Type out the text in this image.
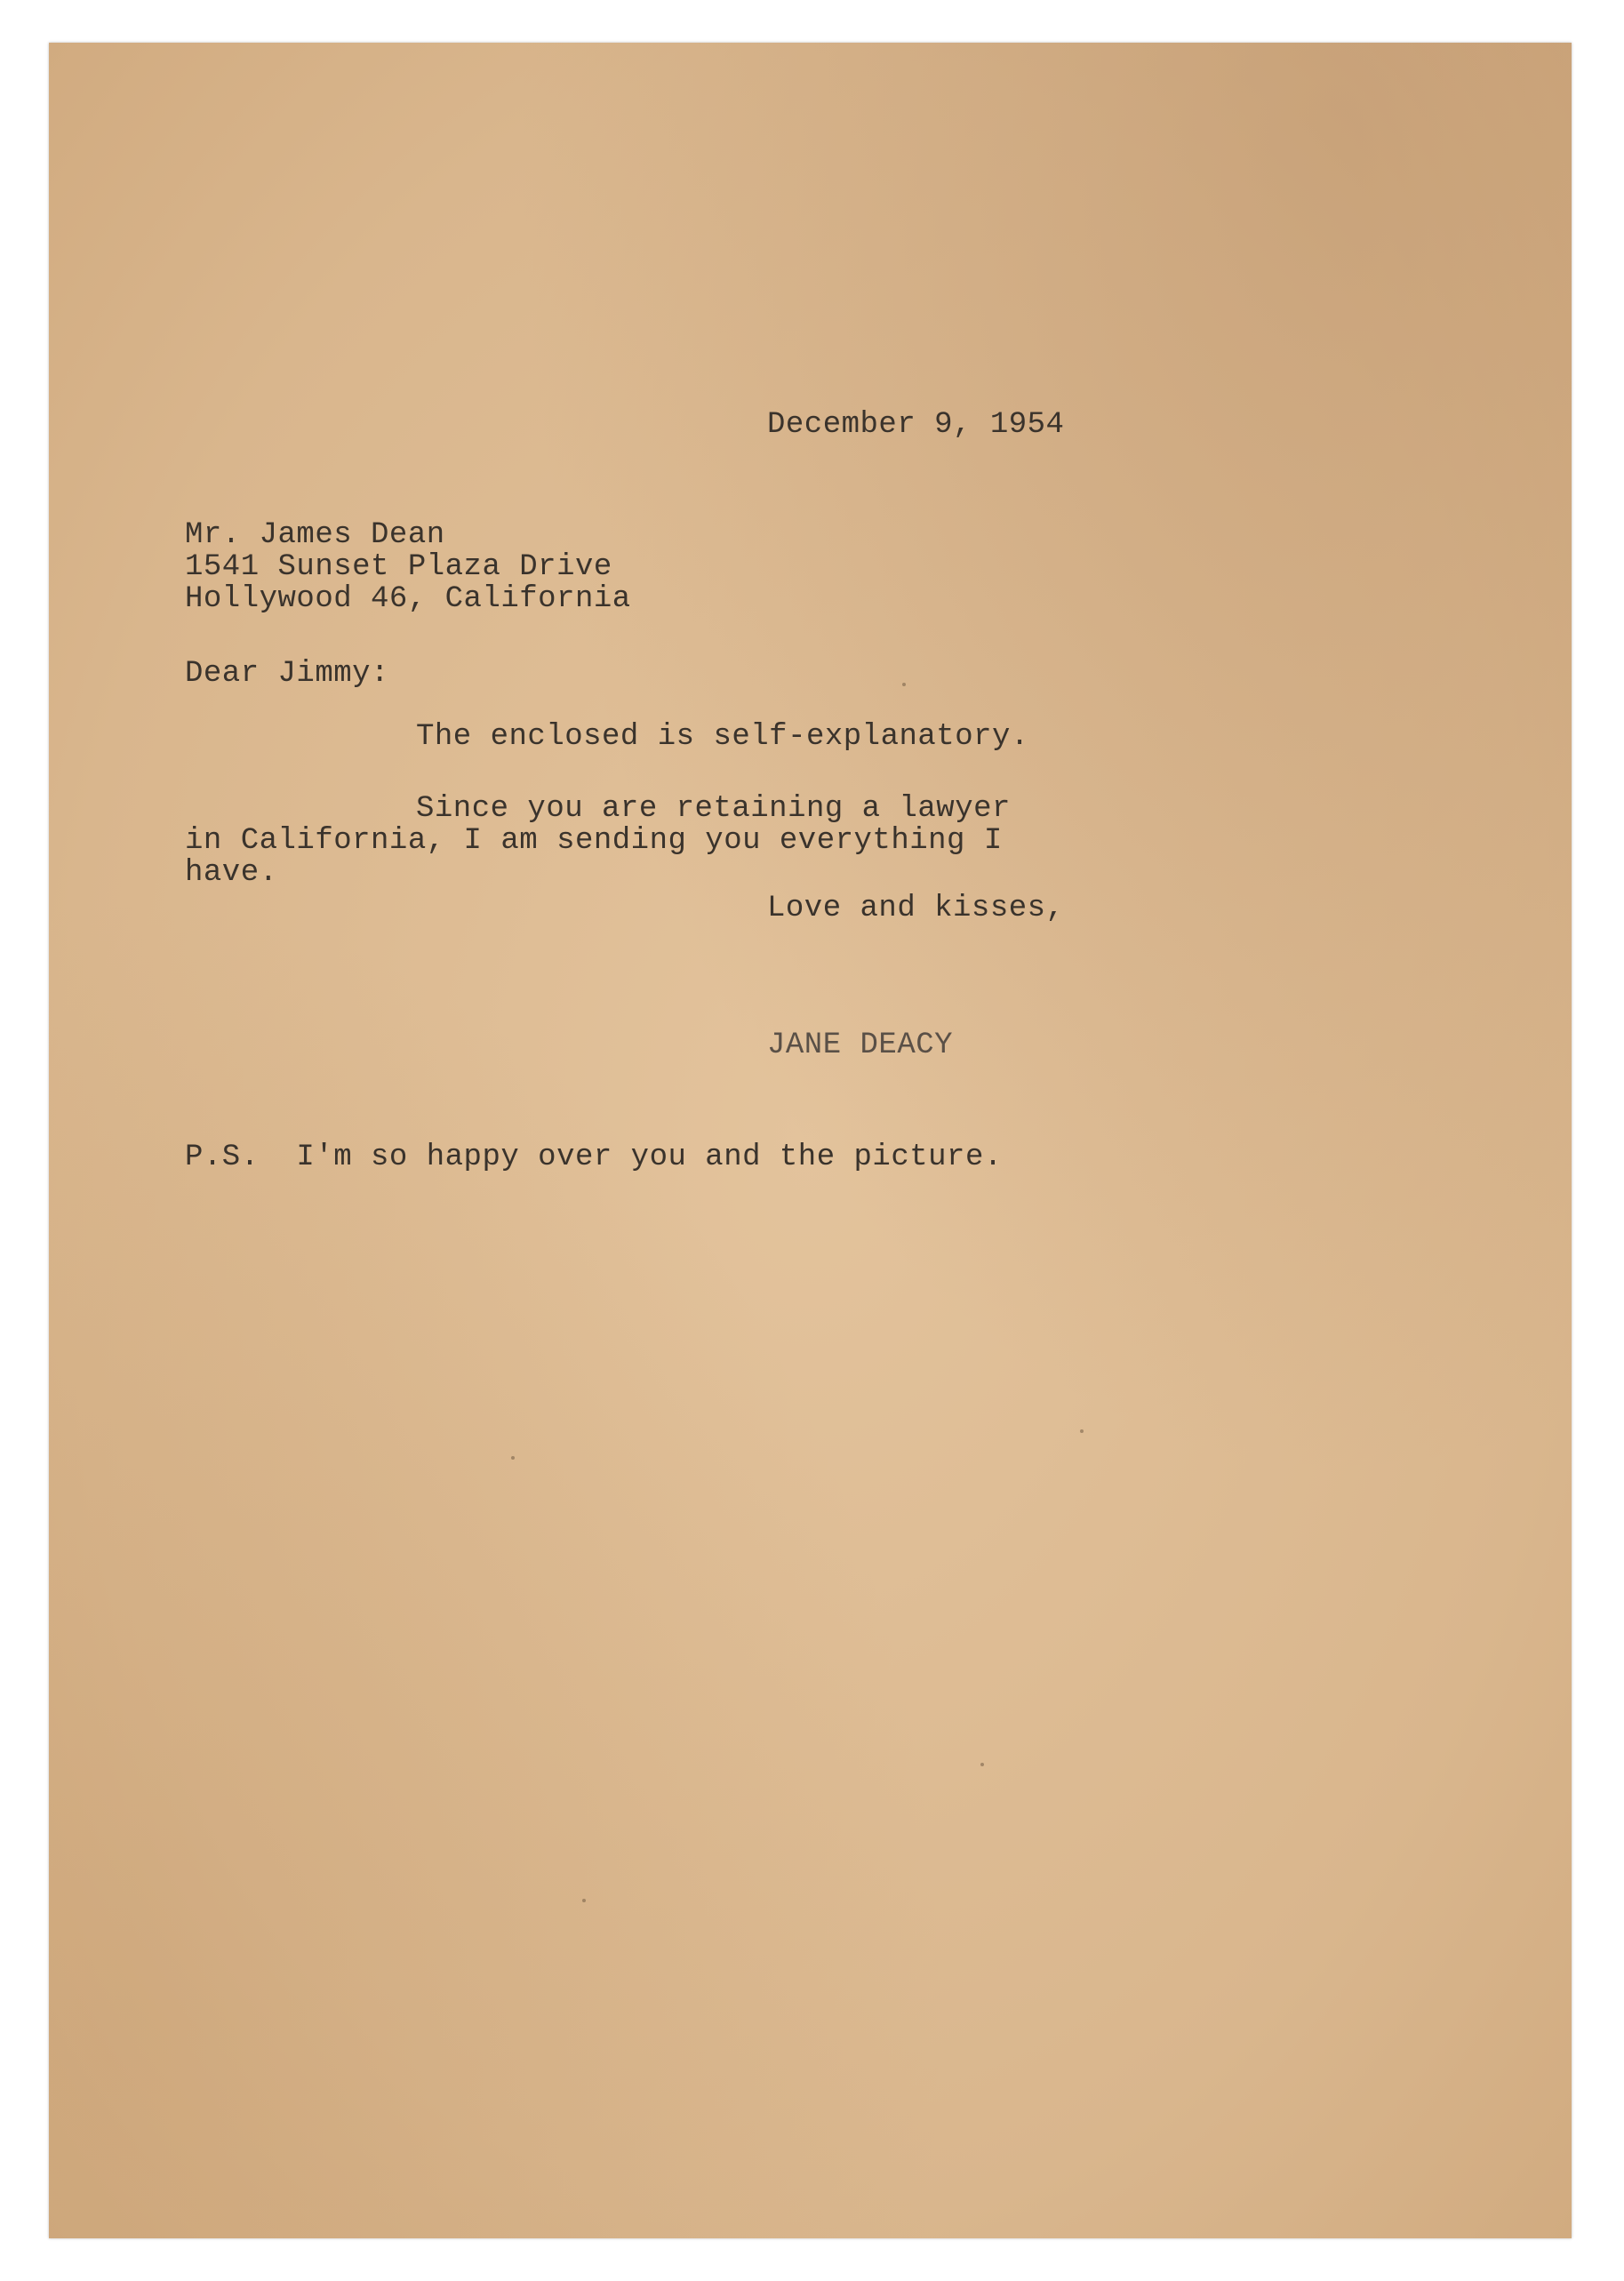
December 9, 1954

Mr. James Dean

1541 Sunset Plaza Drive

Hollywood 46, California

Dear Jimmy:

The enclosed is self-explanatory.

Since you are retaining a lawyer

in California, I am sending you everything I

have.

Love and kisses,

JANE DEACY

P.S.  I'm so happy over you and the picture.
